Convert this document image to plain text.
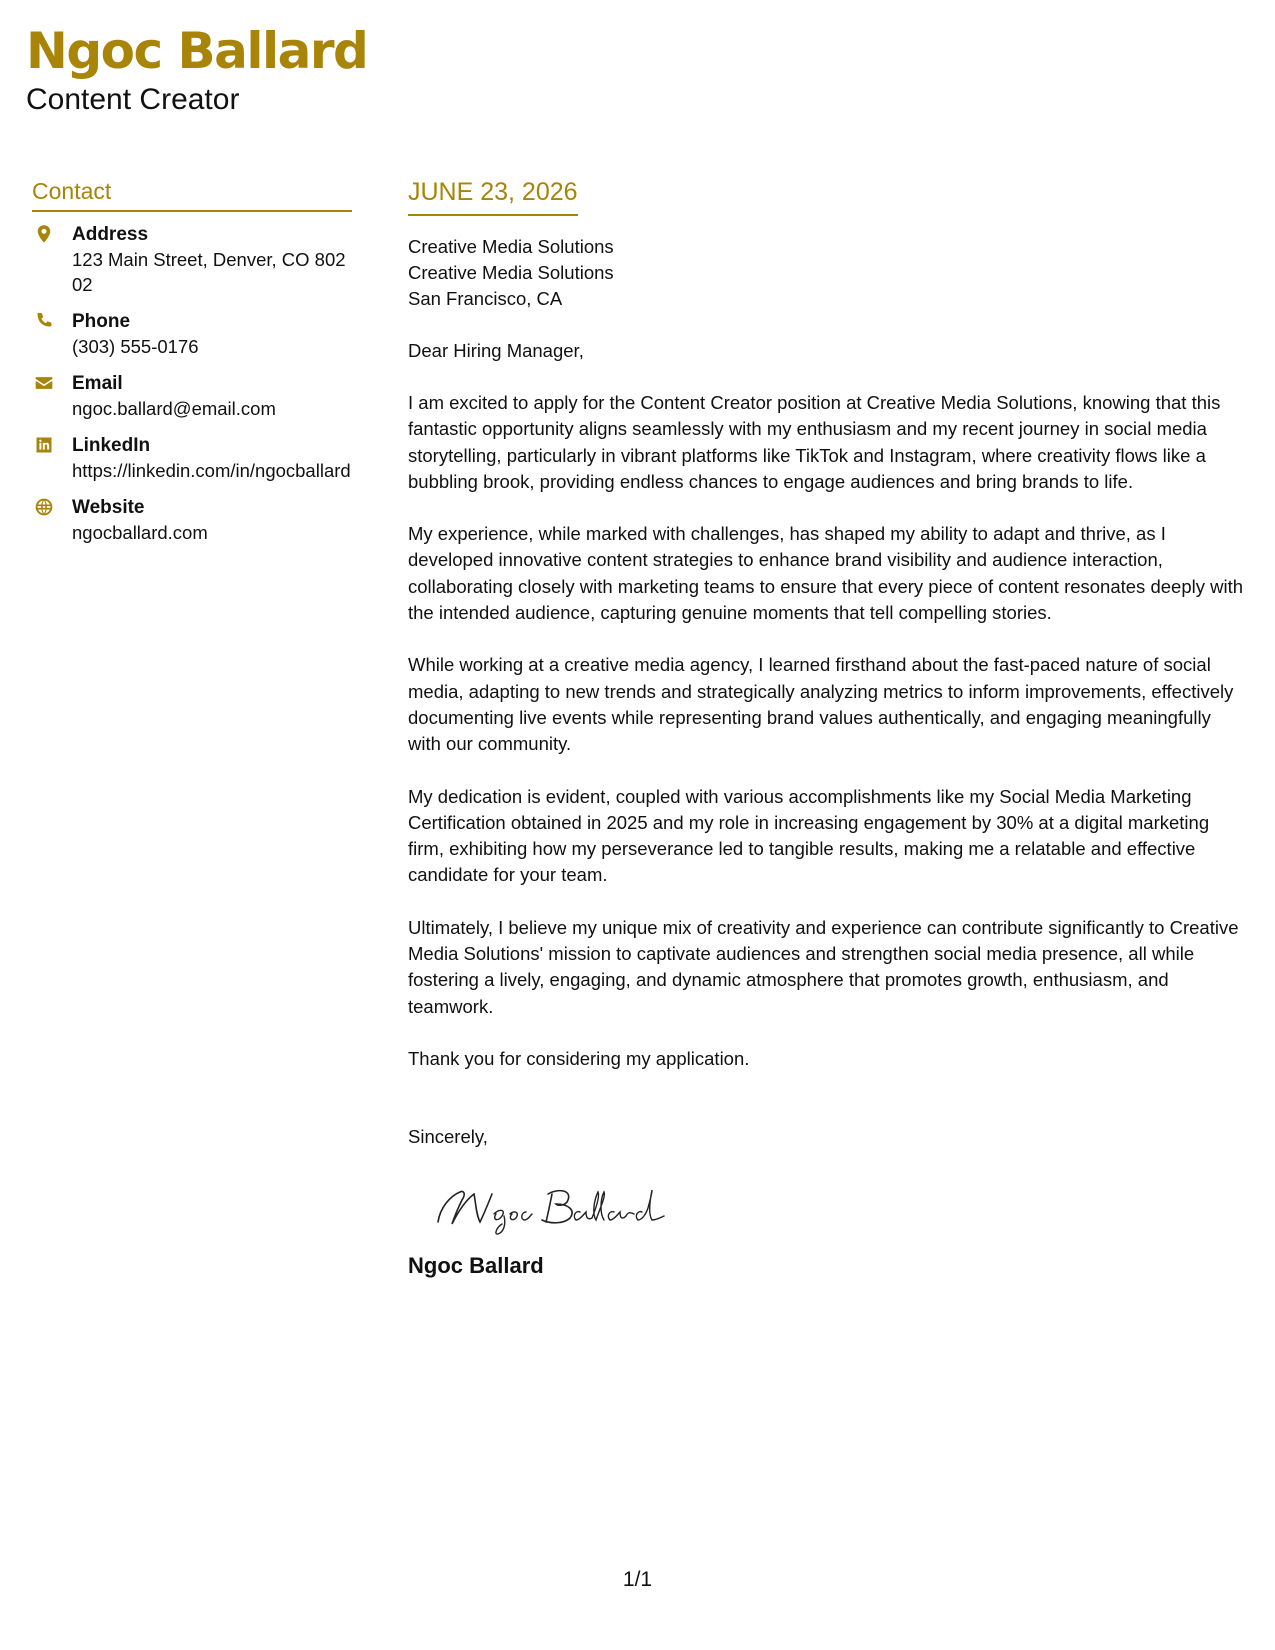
Ngoc Ballard
Content Creator
Contact
Address
123 Main Street, Denver, CO 80202
Phone
(303) 555-0176
Email
ngoc.ballard@email.com
LinkedIn
https://linkedin.com/in/ngocballard
Website
ngocballard.com
JUNE 23, 2026
Creative Media Solutions
Creative Media Solutions
San Francisco, CA
Dear Hiring Manager,
I am excited to apply for the Content Creator position at Creative Media Solutions, knowing that this fantastic opportunity aligns seamlessly with my enthusiasm and my recent journey in social media storytelling, particularly in vibrant platforms like TikTok and Instagram, where creativity flows like a bubbling brook, providing endless chances to engage audiences and bring brands to life.
My experience, while marked with challenges, has shaped my ability to adapt and thrive, as I developed innovative content strategies to enhance brand visibility and audience interaction, collaborating closely with marketing teams to ensure that every piece of content resonates deeply with the intended audience, capturing genuine moments that tell compelling stories.
While working at a creative media agency, I learned firsthand about the fast-paced nature of social media, adapting to new trends and strategically analyzing metrics to inform improvements, effectively documenting live events while representing brand values authentically, and engaging meaningfully with our community.
My dedication is evident, coupled with various accomplishments like my Social Media Marketing Certification obtained in 2025 and my role in increasing engagement by 30% at a digital marketing firm, exhibiting how my perseverance led to tangible results, making me a relatable and effective candidate for your team.
Ultimately, I believe my unique mix of creativity and experience can contribute significantly to Creative Media Solutions' mission to captivate audiences and strengthen social media presence, all while fostering a lively, engaging, and dynamic atmosphere that promotes growth, enthusiasm, and teamwork.
Thank you for considering my application.
Sincerely,
Ngoc Ballard
1/1
